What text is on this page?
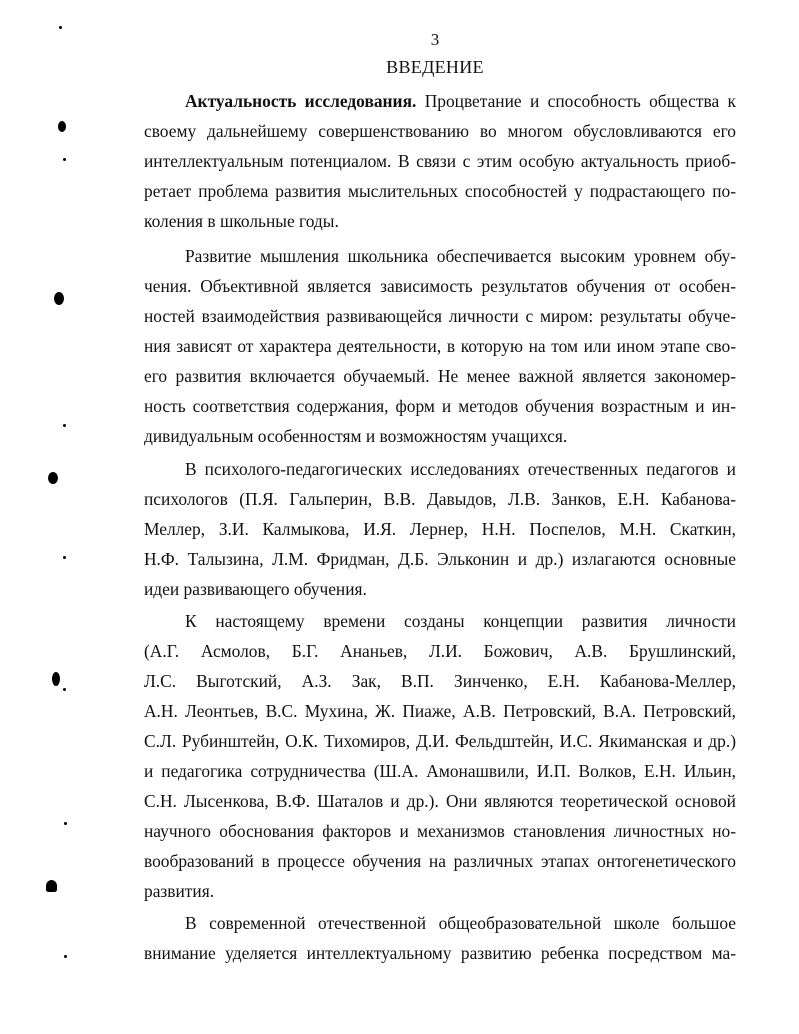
3
ВВЕДЕНИЕ
Актуальность исследования. Процветание и способность общества к
своему дальнейшему совершенствованию во многом обусловливаются его
интеллектуальным потенциалом. В связи с этим особую актуальность приоб-
ретает проблема развития мыслительных способностей у подрастающего по-
коления в школьные годы.
Развитие мышления школьника обеспечивается высоким уровнем обу-
чения. Объективной является зависимость результатов обучения от особен-
ностей взаимодействия развивающейся личности с миром: результаты обуче-
ния зависят от характера деятельности, в которую на том или ином этапе сво-
его развития включается обучаемый. Не менее важной является закономер-
ность соответствия содержания, форм и методов обучения возрастным и ин-
дивидуальным особенностям и возможностям учащихся.
В психолого-педагогических исследованиях отечественных педагогов и
психологов (П.Я. Гальперин, В.В. Давыдов, Л.В. Занков, Е.Н. Кабанова-
Меллер, З.И. Калмыкова, И.Я. Лернер, Н.Н. Поспелов, М.Н. Скаткин,
Н.Ф. Талызина, Л.М. Фридман, Д.Б. Эльконин и др.) излагаются основные
идеи развивающего обучения.
К настоящему времени созданы концепции развития личности
(А.Г. Асмолов, Б.Г. Ананьев, Л.И. Божович, А.В. Брушлинский,
Л.С. Выготский, А.З. Зак, В.П. Зинченко, Е.Н. Кабанова-Меллер,
А.Н. Леонтьев, В.С. Мухина, Ж. Пиаже, А.В. Петровский, В.А. Петровский,
С.Л. Рубинштейн, О.К. Тихомиров, Д.И. Фельдштейн, И.С. Якиманская и др.)
и педагогика сотрудничества (Ш.А. Амонашвили, И.П. Волков, Е.Н. Ильин,
С.Н. Лысенкова, В.Ф. Шаталов и др.). Они являются теоретической основой
научного обоснования факторов и механизмов становления личностных но-
вообразований в процессе обучения на различных этапах онтогенетического
развития.
В современной отечественной общеобразовательной школе большое
внимание уделяется интеллектуальному развитию ребенка посредством ма-
